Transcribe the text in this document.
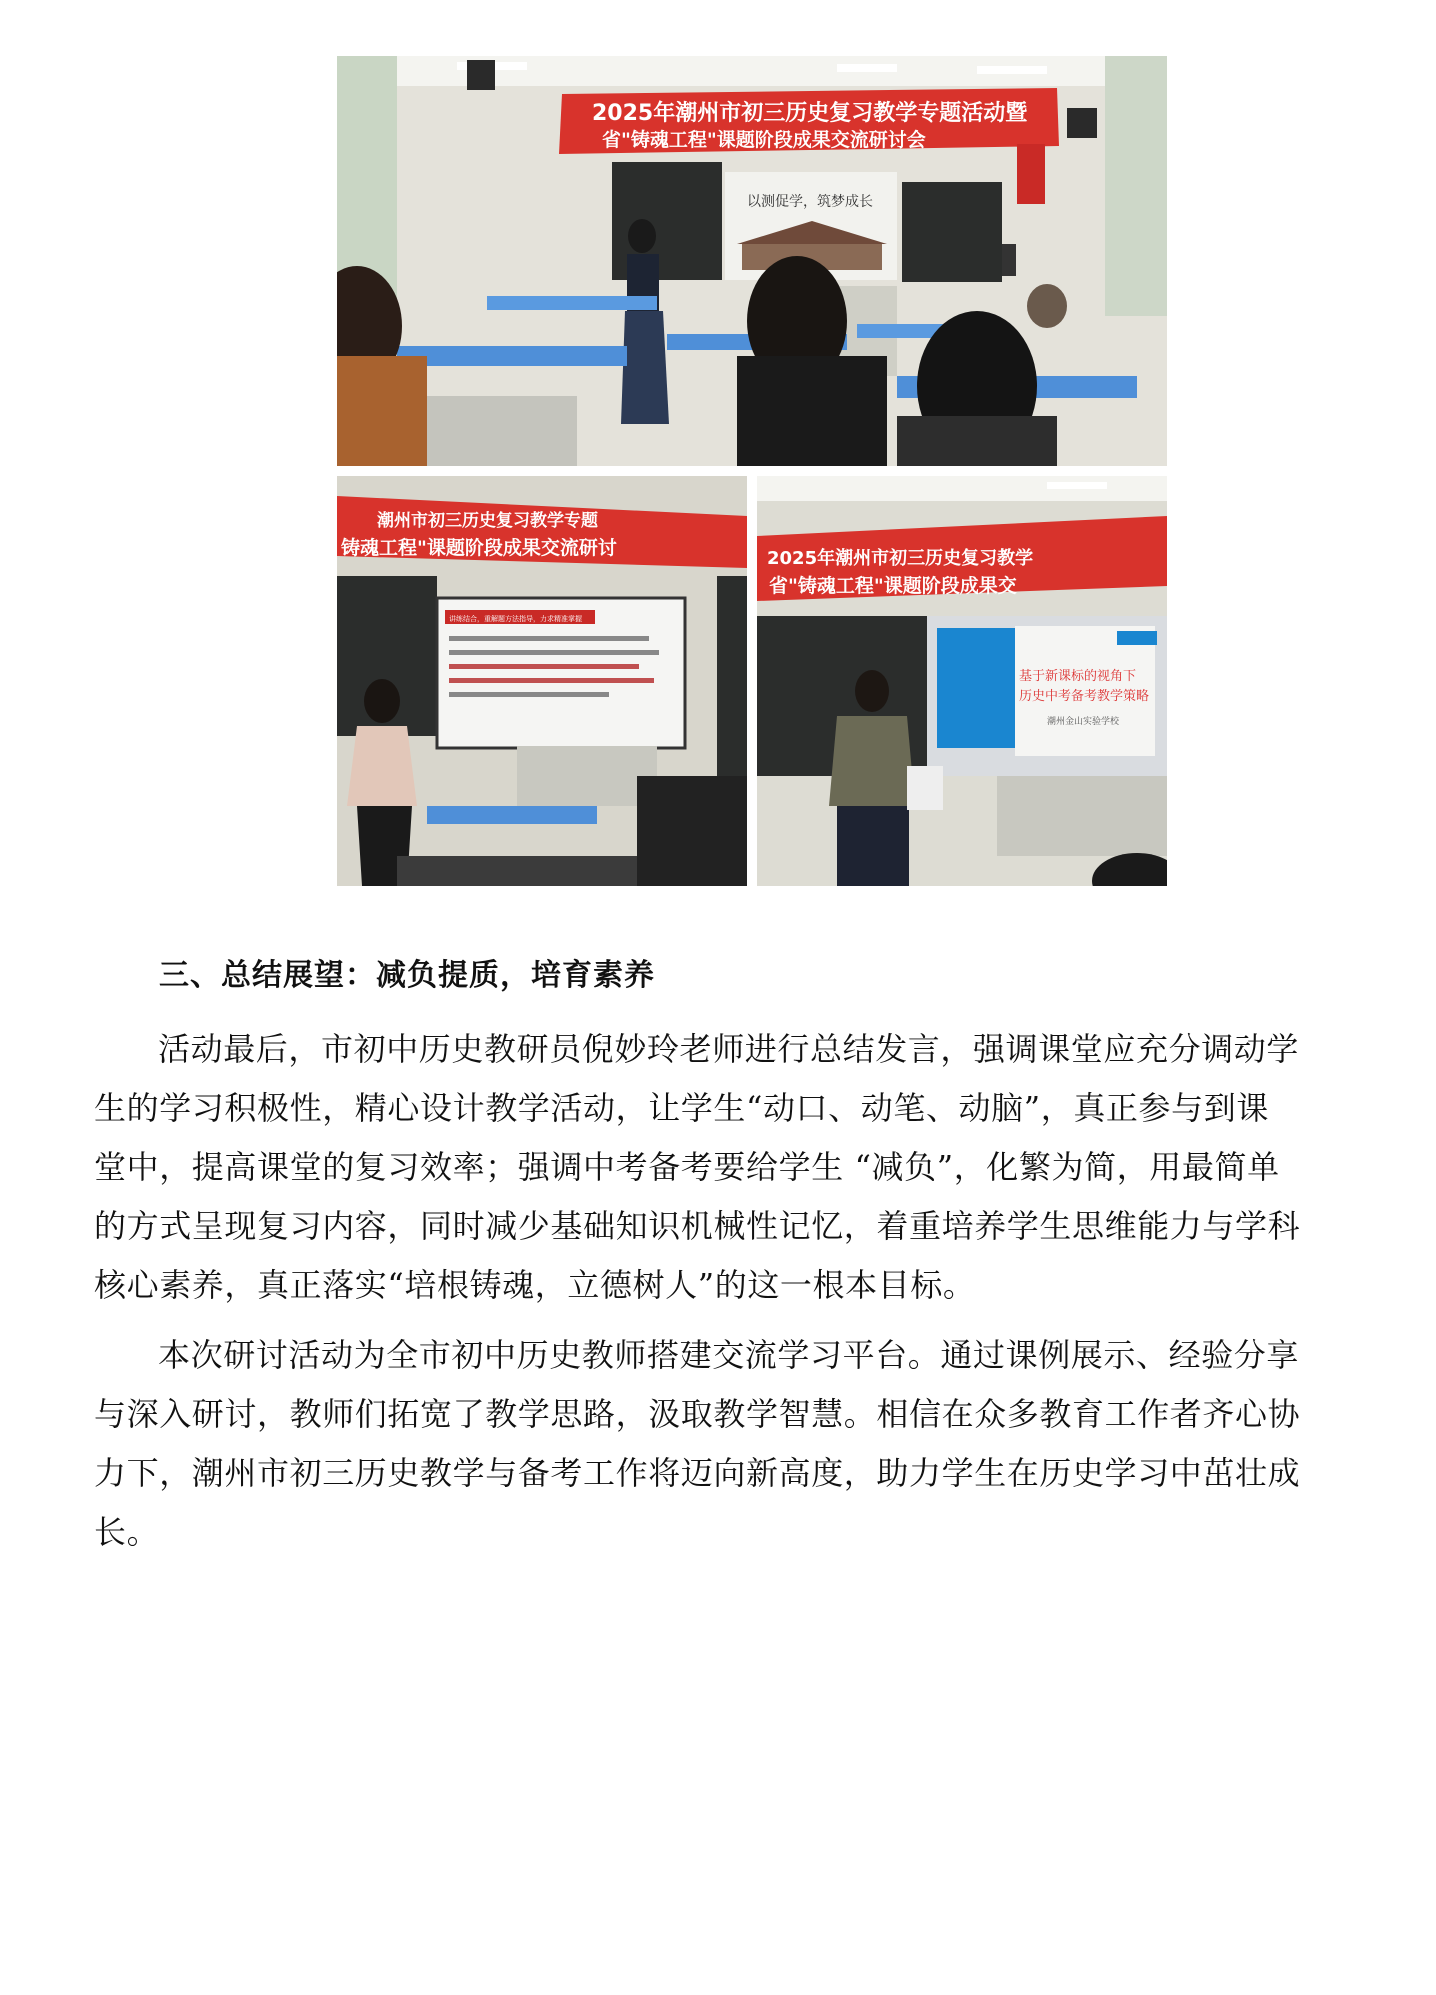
2025年潮州市初三历史复习教学专题活动暨
省"铸魂工程"课题阶段成果交流研讨会
以测促学，筑梦成长
潮州市初三历史复习教学专题
铸魂工程"课题阶段成果交流研讨
讲练结合，重解题方法指导，力求精准掌握
2025年潮州市初三历史复习教学
省"铸魂工程"课题阶段成果交
基于新课标的视角下
历史中考备考教学策略
潮州金山实验学校
三、总结展望：减负提质，培育素养
活动最后，市初中历史教研员倪妙玲老师进行总结发言，强调课堂应充分调动学
生的学习积极性，精心设计教学活动，让学生“动口、动笔、动脑”，真正参与到课
堂中，提高课堂的复习效率；强调中考备考要给学生 “减负”，化繁为简，用最简单
的方式呈现复习内容，同时减少基础知识机械性记忆，着重培养学生思维能力与学科
核心素养，真正落实“培根铸魂，立德树人”的这一根本目标。
本次研讨活动为全市初中历史教师搭建交流学习平台。通过课例展示、经验分享
与深入研讨，教师们拓宽了教学思路，汲取教学智慧。相信在众多教育工作者齐心协
力下，潮州市初三历史教学与备考工作将迈向新高度，助力学生在历史学习中茁壮成
长。
